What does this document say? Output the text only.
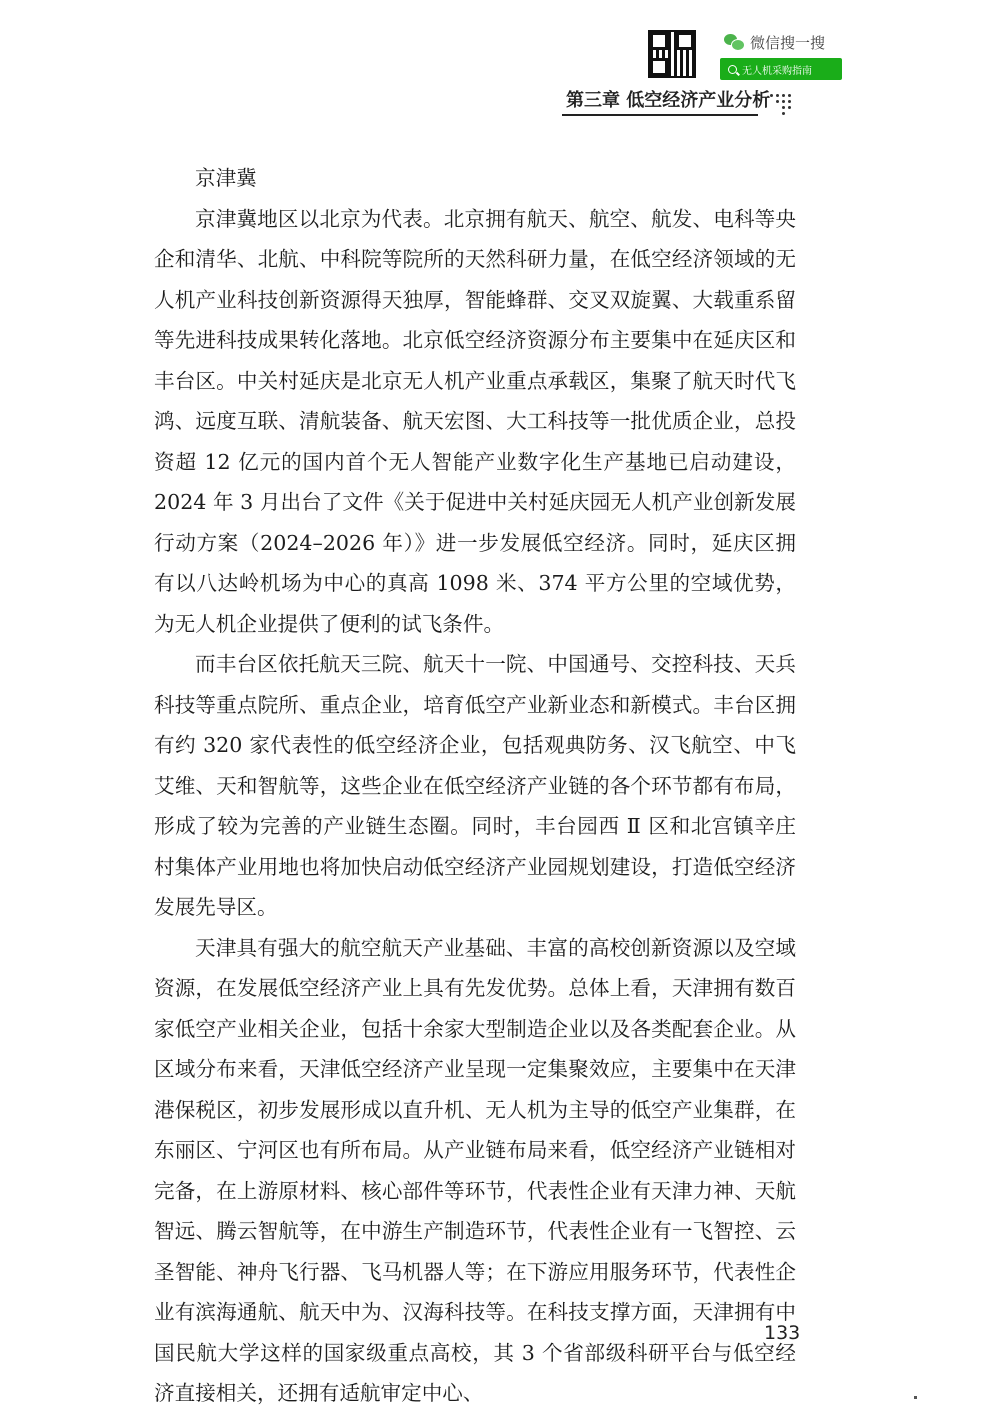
微信搜一搜
无人机采购指南
第三章 低空经济产业分析
京津冀

京津冀地区以北京为代表。北京拥有航天、航空、航发、电科等央企和清华、北航、中科院等院所的天然科研力量，在低空经济领域的无人机产业科技创新资源得天独厚，智能蜂群、交叉双旋翼、大载重系留等先进科技成果转化落地。北京低空经济资源分布主要集中在延庆区和丰台区。中关村延庆是北京无人机产业重点承载区，集聚了航天时代飞鸿、远度互联、清航装备、航天宏图、大工科技等一批优质企业，总投资超 12 亿元的国内首个无人智能产业数字化生产基地已启动建设，2024 年 3 月出台了文件《关于促进中关村延庆园无人机产业创新发展行动方案（2024–2026 年）》进一步发展低空经济。同时，延庆区拥有以八达岭机场为中心的真高 1098 米、374 平方公里的空域优势，为无人机企业提供了便利的试飞条件。

而丰台区依托航天三院、航天十一院、中国通号、交控科技、天兵科技等重点院所、重点企业，培育低空产业新业态和新模式。丰台区拥有约 320 家代表性的低空经济企业，包括观典防务、汉飞航空、中飞艾维、天和智航等，这些企业在低空经济产业链的各个环节都有布局，形成了较为完善的产业链生态圈。同时，丰台园西 Ⅱ 区和北宫镇辛庄村集体产业用地也将加快启动低空经济产业园规划建设，打造低空经济发展先导区。

天津具有强大的航空航天产业基础、丰富的高校创新资源以及空域资源，在发展低空经济产业上具有先发优势。总体上看，天津拥有数百家低空产业相关企业，包括十余家大型制造企业以及各类配套企业。从区域分布来看，天津低空经济产业呈现一定集聚效应，主要集中在天津港保税区，初步发展形成以直升机、无人机为主导的低空产业集群，在东丽区、宁河区也有所布局。从产业链布局来看，低空经济产业链相对完备，在上游原材料、核心部件等环节，代表性企业有天津力神、天航智远、腾云智航等，在中游生产制造环节，代表性企业有一飞智控、云圣智能、神舟飞行器、飞马机器人等；在下游应用服务环节，代表性企业有滨海通航、航天中为、汉海科技等。在科技支撑方面，天津拥有中国民航大学这样的国家级重点高校，其 3 个省部级科研平台与低空经济直接相关，还拥有适航审定中心、

133
